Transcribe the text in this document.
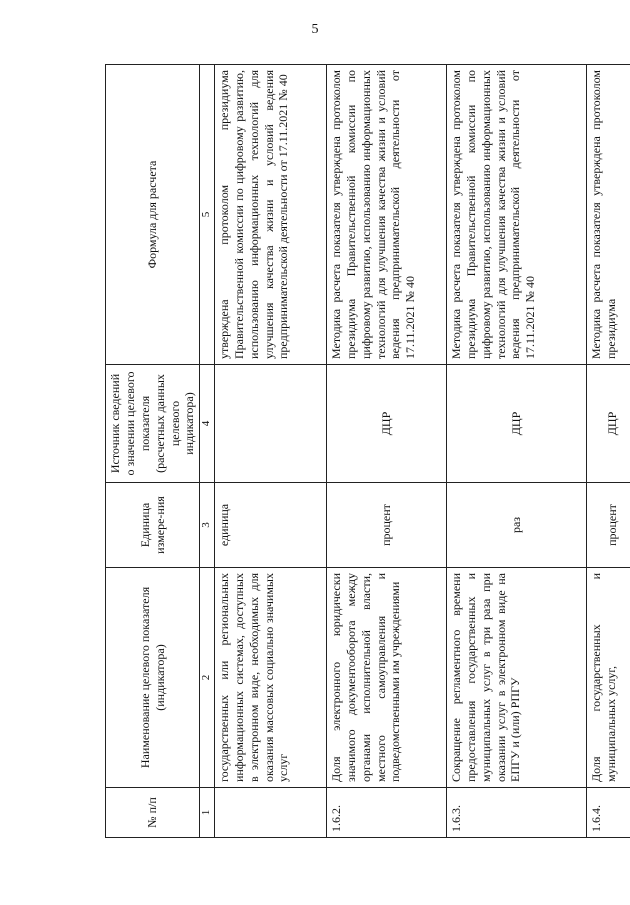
5
№ п/п	Наименование целевого показателя (индикатора)	Единица измере-ния	Источник сведений о значении целевого показателя (расчетных данных целевого индикатора)	Формула для расчета
1	2	3	4	5
	государственных или региональных информационных системах, доступных в электронном виде, необходимых для оказания массовых социально значимых услуг	единица		утверждена протоколом президиума Правительственной комиссии по цифровому развитию, использованию информационных технологий для улучшения качества жизни и условий ведения предпринимательской деятельности от 17.11.2021 № 40
1.6.2.	Доля электронного юридически значимого документооборота между органами исполнительной власти, местного самоуправления и подведомственными им учреждениями	процент	ДЦР	Методика расчета показателя утверждена протоколом президиума Правительственной комиссии по цифровому развитию, использованию информационных технологий для улучшения качества жизни и условий ведения предпринимательской деятельности от 17.11.2021 № 40
1.6.3.	Сокращение регламентного времени предоставления государственных и муниципальных услуг в три раза при оказании услуг в электронном виде на ЕПГУ и (или) РПГУ	раз	ДЦР	Методика расчета показателя утверждена протоколом президиума Правительственной комиссии по цифровому развитию, использованию информационных технологий для улучшения качества жизни и условий ведения предпринимательской деятельности от 17.11.2021 № 40
1.6.4.	Доля государственных и муниципальных услуг,	процент	ДЦР	Методика расчета показателя утверждена протоколом президиума
